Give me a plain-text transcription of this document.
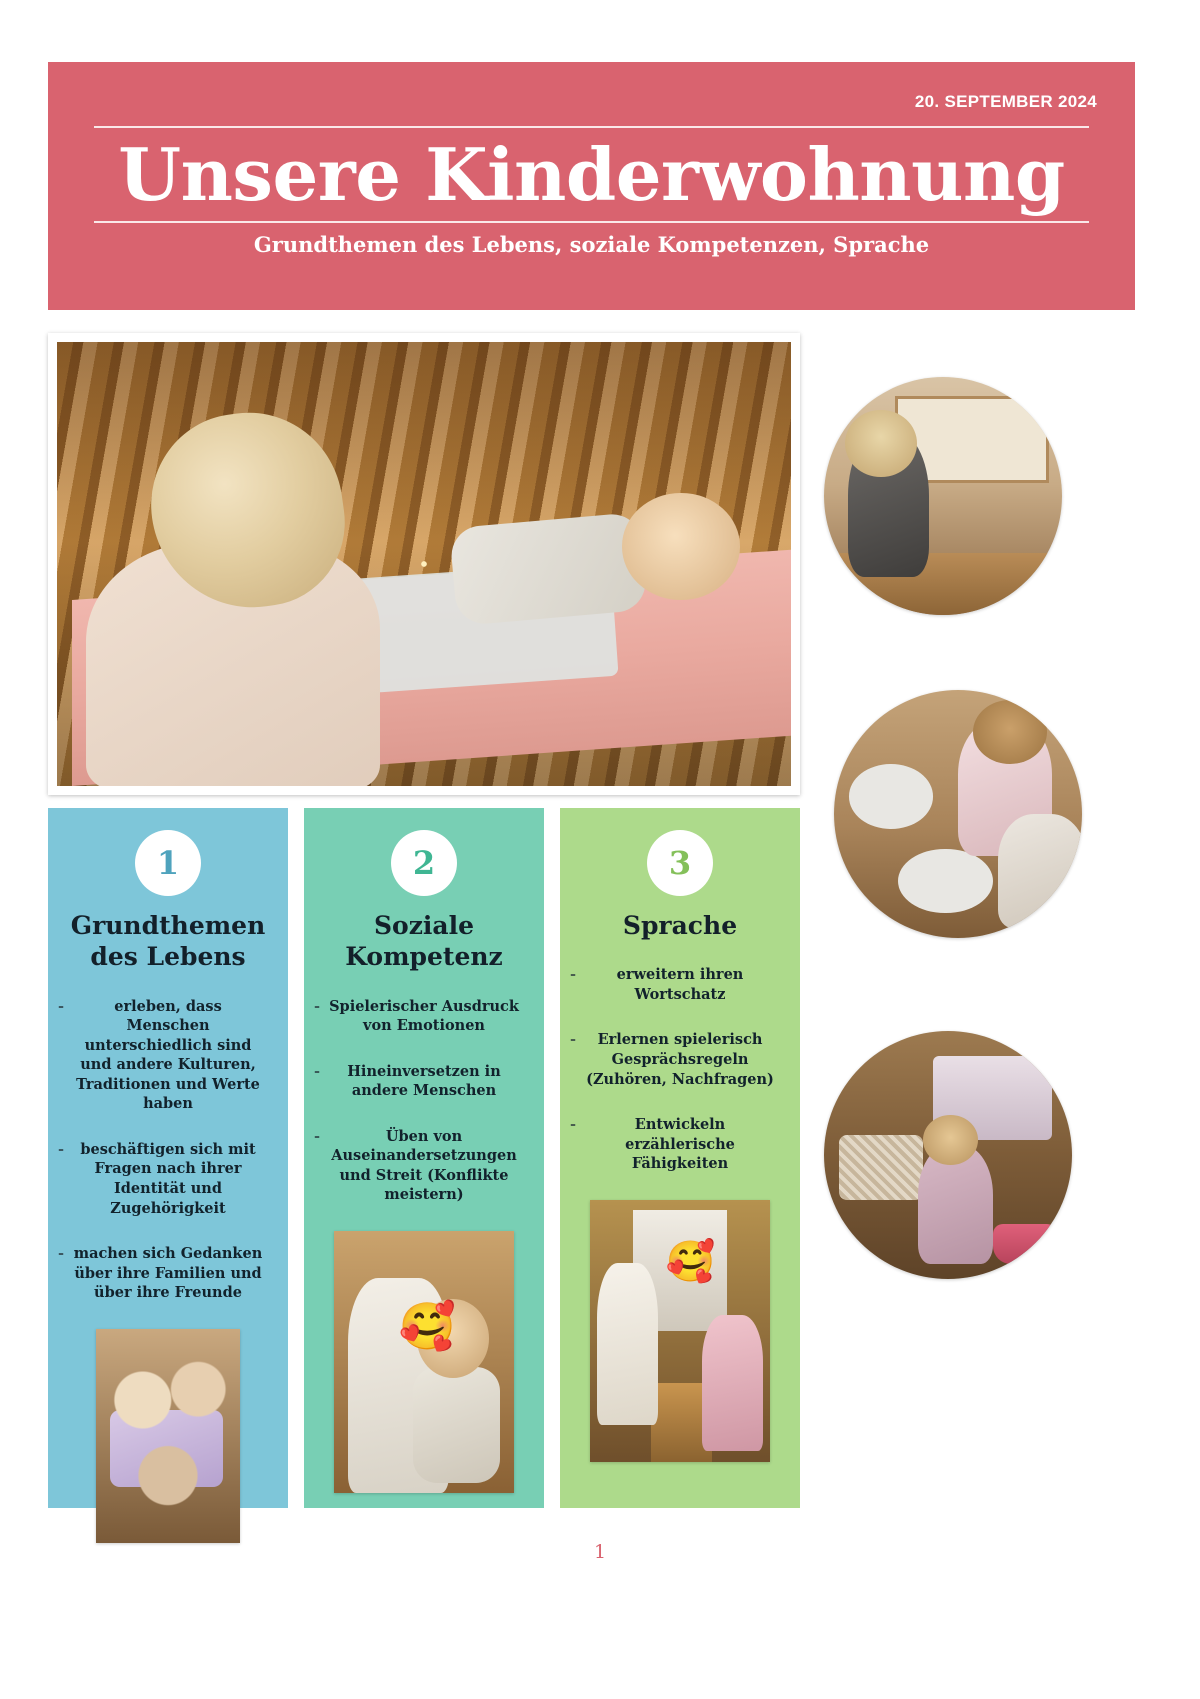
20. SEPTEMBER 2024
Unsere Kinderwohnung
Grundthemen des Lebens, soziale Kompetenzen, Sprache
1
Grundthemen des Lebens
- erleben, dass Menschen unterschiedlich sind und andere Kulturen, Traditionen und Werte haben
- beschäftigen sich mit Fragen nach ihrer Identität und Zugehörigkeit
- machen sich Gedanken über ihre Familien und über ihre Freunde
2
Soziale Kompetenz
- Spielerischer Ausdruck von Emotionen
- Hineinversetzen in andere Menschen
- Üben von Auseinandersetzungen und Streit (Konflikte meistern)
🥰
3
Sprache
- erweitern ihren Wortschatz
- Erlernen spielerisch Gesprächsregeln (Zuhören, Nachfragen)
- Entwickeln erzählerische Fähigkeiten
🥰
1
